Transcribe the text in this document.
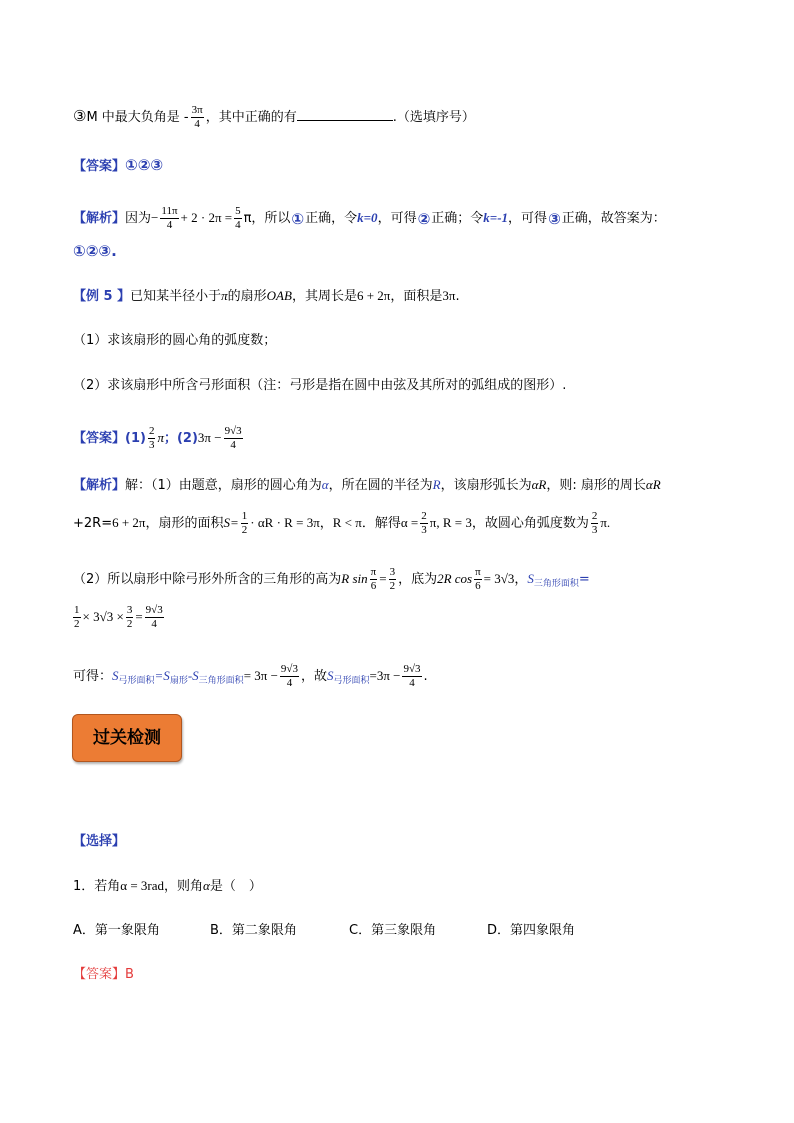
③M 中最大负角是 - $\frac{3\pi}{4}$ ，其中正确的有	.（选填序号）
【答案】①②③
【解析】因为− $\frac{11\pi}{4} + 2 \cdot 2\pi = \frac{5}{4}$ π，所以①正确，令k=0，可得②正确；令k=-1，可得③正确，故答案为：
①②③.
【例 5 】已知某半径小于π的扇形OAB，其周长是6 + 2π，面积是3π.
（1）求该扇形的圆心角的弧度数；
（2）求该扇形中所含弓形面积（注：弓形是指在圆中由弦及其所对的弧组成的图形）.
【答案】$(1) \frac{2}{3}$ π；$(2)3\pi - \frac{9√3}{4}$
【解析】解：（1）由题意，扇形的圆心角为α，所在圆的半径为R，该扇形弧长为αR，则: 扇形的周长αR
+2R=6 + 2π，扇形的面积$S= \frac{1}{2} \cdot \alpha R \cdot R = 3\pi$，R < π．解得$\alpha = \frac{2}{3} \pi$, R = 3，故圆心角弧度数为 $\frac{2}{3} \pi$.
（2）所以扇形中除弓形外所含的三角形的高为R $\sin \frac{\pi}{6} = \frac{3}{2}$ ，底为2R $\cos \frac{\pi}{6} = 3√3$，$S_{三角形面积}=$
$\frac{1}{2} \times 3√3 \times \frac{3}{2} = \frac{9√3}{4}$
可得：$S_{弓形面积}=S_{扇形}-S_{三角形面积}= 3\pi - \frac{9√3}{4}$ ，故$S_{弓形面积}=3\pi - \frac{9√3}{4}$ .
过关检测
【选择】
1．若角α = 3rad，则角α是（　）
A．第一象限角	B．第二象限角	C．第三象限角	D．第四象限角
【答案】B
